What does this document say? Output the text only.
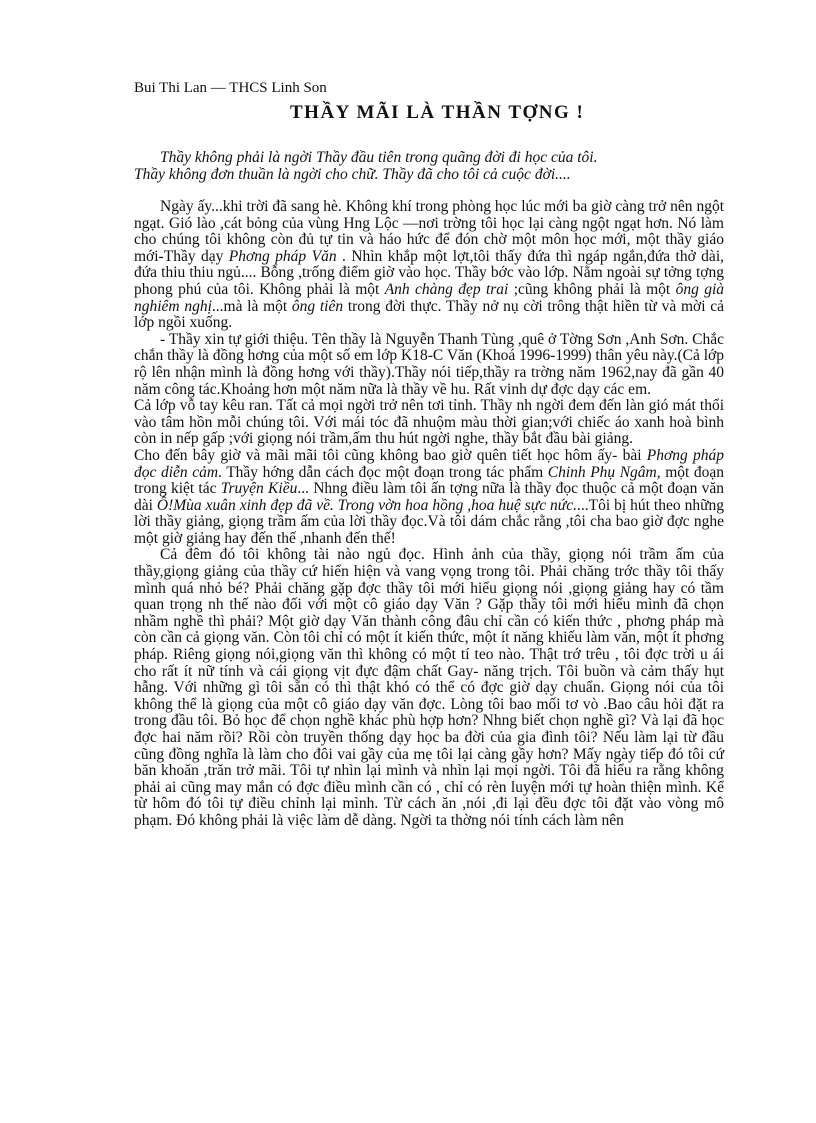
Bui Thi Lan — THCS Linh Son
THẦY MÃI LÀ THẦN TỢNG !

Thầy không phải là ngời Thầy đầu tiên trong quãng đời đi học của tôi.

Thầy không đơn thuần là ngời cho chữ. Thầy đã cho tôi cả cuộc đời....

Ngày ấy...khi trời đã sang hè. Không khí trong phòng học lúc mới ba giờ càng trở nên ngột ngạt. Gió lào ,cát bỏng của vùng Hng Lộc —nơi trờng tôi học lại càng ngột ngạt hơn. Nó làm cho chúng tôi không còn đủ tự tin và háo hức để đón chờ một môn học mới, một thầy giáo mới-Thầy dạy Phơng pháp Văn . Nhìn khắp một lợt,tôi thấy đứa thì ngáp ngắn,đứa thở dài, đứa thiu thiu ngủ.... Bỗng ,trống điểm giờ vào học. Thầy bớc vào lớp. Nằm ngoài sự tởng tợng phong phú của tôi. Không phải là một Anh chàng đẹp trai ;cũng không phải là một ông già nghiêm nghị...mà là một ông tiên trong đời thực. Thầy nở nụ cời trông thật hiền từ và mời cả lớp ngồi xuống.

- Thầy xin tự giới thiệu. Tên thầy là Nguyễn Thanh Tùng ,quê ở Tờng Sơn ,Anh Sơn. Chắc chắn thầy là đồng hơng của một số em lớp K18-C Văn (Khoá 1996-1999) thân yêu này.(Cả lớp rộ lên nhận mình là đồng hơng với thầy).Thầy nói tiếp,thầy ra trờng năm 1962,nay đã gần 40 năm công tác.Khoảng hơn một năm nữa là thầy về hu. Rất vinh dự đợc dạy các em.

Cả lớp vỗ tay kêu ran. Tất cả mọi ngời trở nên tơi tỉnh. Thầy nh ngời đem đến làn gió mát thổi vào tâm hồn mỗi chúng tôi. Với mái tóc đã nhuộm màu thời gian;với chiếc áo xanh hoà bình còn in nếp gấp ;với giọng nói trầm,ấm thu hút ngời nghe, thầy bắt đầu bài giảng.

Cho đến bây giờ và mãi mãi tôi cũng không bao giờ quên tiết học hôm ấy- bài Phơng pháp đọc diễn cảm. Thầy hớng dẫn cách đọc một đoạn trong tác phẩm Chinh Phụ Ngâm, một đoạn trong kiệt tác Truyện Kiều... Nhng điều làm tôi ấn tợng nữa là thầy đọc thuộc cả một đoạn văn dài Ô!Mùa xuân xinh đẹp đã về. Trong vờn hoa hồng ,hoa huệ sực nức....Tôi bị hút theo những lời thầy giảng, giọng trầm ấm của lời thầy đọc.Và tôi dám chắc rằng ,tôi cha bao giờ đợc nghe một giờ giảng hay đến thế ,nhanh đến thế!

Cả đêm đó tôi không tài nào ngủ đọc. Hình ảnh của thầy, giọng nói trầm ấm của thầy,giọng giảng của thầy cứ hiển hiện và vang vọng trong tôi. Phải chăng trớc thầy tôi thấy mình quá nhỏ bé? Phải chăng gặp đợc thầy tôi mới hiểu giọng nói ,giọng giảng hay có tầm quan trọng nh thế nào đối với một cô giáo dạy Văn ? Gặp thầy tôi mới hiểu mình đã chọn nhầm nghề thì phải? Một giờ dạy Văn thành công đâu chỉ cần có kiến thức , phơng pháp mà còn cần cả giọng văn. Còn tôi chỉ có một ít kiến thức, một ít năng khiếu làm văn, một ít phơng pháp. Riêng giọng nói,giọng văn thì không có một tí teo nào. Thật trớ trêu , tôi đợc trời u ái cho rất ít nữ tính và cái giọng vịt đực đậm chất Gay- năng trịch. Tôi buồn và cảm thấy hụt hẫng. Với những gì tôi sẵn có thì thật khó có thể có đợc giờ dạy chuẩn. Giọng nói của tôi không thể là giọng của một cô giáo dạy văn đợc. Lòng tôi bao mối tơ vò .Bao câu hỏi đặt ra trong đầu tôi. Bỏ học để chọn nghề khác phù hợp hơn? Nhng biết chọn nghề gì? Và lại đã học đợc hai năm rồi? Rồi còn truyền thống dạy học ba đời của gia đình tôi? Nếu làm lại từ đầu cũng đồng nghĩa là làm cho đôi vai gầy của mẹ tôi lại càng gầy hơn? Mấy ngày tiếp đó tôi cứ băn khoăn ,trăn trở mãi. Tôi tự nhìn lại mình và nhìn lại mọi ngời. Tôi đã hiểu ra rằng không phải ai cũng may mắn có đợc điều mình cần có , chỉ có rèn luyện mới tự hoàn thiện mình. Kể từ hôm đó tôi tự điều chỉnh lại mình. Từ cách ăn ,nói ,đi lại đều đợc tôi đặt vào vòng mô phạm. Đó không phải là việc làm dễ dàng. Ngời ta thờng nói tính cách làm nên
